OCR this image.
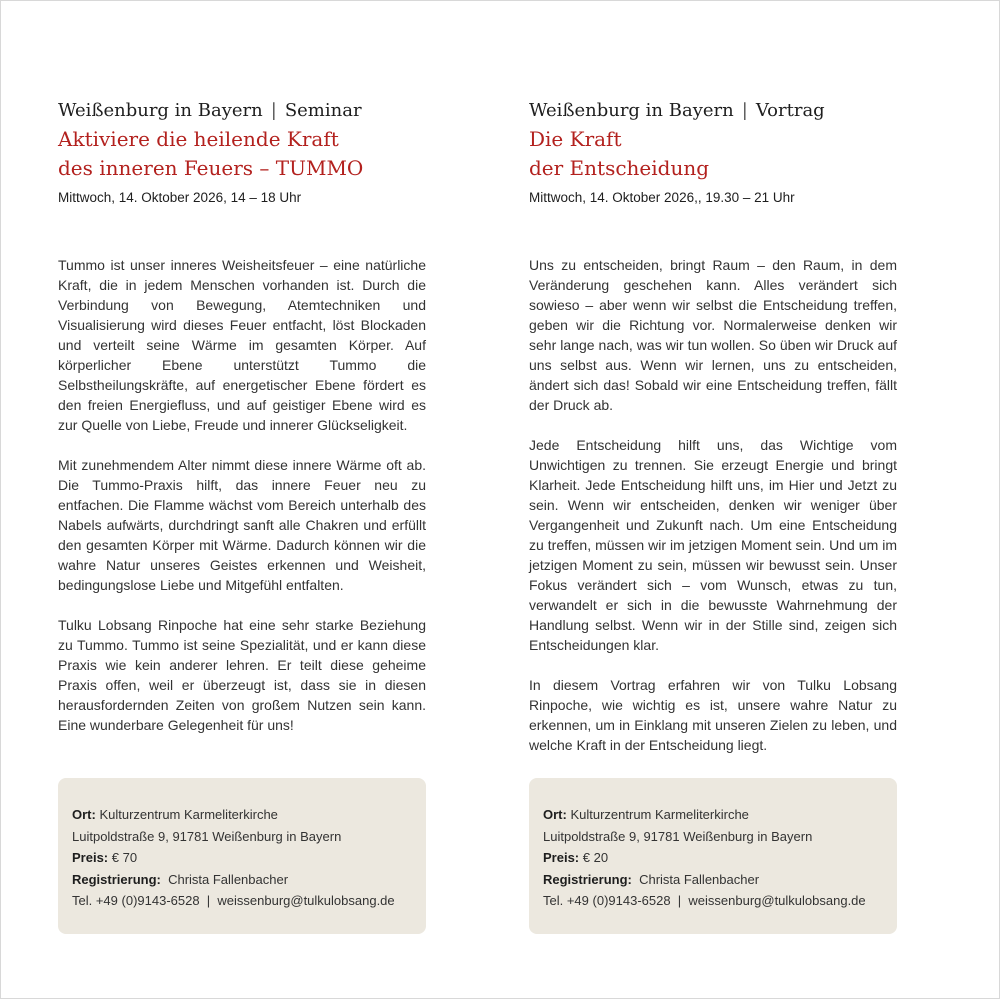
Weißenburg in Bayern | Seminar
Aktiviere die heilende Kraft
des inneren Feuers – TUMMO
Mittwoch, 14. Oktober 2026, 14 – 18 Uhr

Tummo ist unser inneres Weisheitsfeuer – eine natürliche Kraft, die in jedem Menschen vorhanden ist. Durch die Verbindung von Bewegung, Atemtechniken und Visualisierung wird dieses Feuer entfacht, löst Blockaden und verteilt seine Wärme im gesamten Körper. Auf körperlicher Ebene unterstützt Tummo die Selbstheilungskräfte, auf energetischer Ebene fördert es den freien Energiefluss, und auf geistiger Ebene wird es zur Quelle von Liebe, Freude und innerer Glückseligkeit.

Mit zunehmendem Alter nimmt diese innere Wärme oft ab. Die Tummo-Praxis hilft, das innere Feuer neu zu entfachen. Die Flamme wächst vom Bereich unterhalb des Nabels aufwärts, durchdringt sanft alle Chakren und erfüllt den gesamten Körper mit Wärme. Dadurch können wir die wahre Natur unseres Geistes erkennen und Weisheit, bedingungslose Liebe und Mitgefühl entfalten.

Tulku Lobsang Rinpoche hat eine sehr starke Beziehung zu Tummo. Tummo ist seine Spezialität, und er kann diese Praxis wie kein anderer lehren. Er teilt diese geheime Praxis offen, weil er überzeugt ist, dass sie in diesen herausfordernden Zeiten von großem Nutzen sein kann. Eine wunderbare Gelegenheit für uns!

Weißenburg in Bayern | Vortrag
Die Kraft
der Entscheidung
Mittwoch, 14. Oktober 2026,, 19.30 – 21 Uhr

Uns zu entscheiden, bringt Raum – den Raum, in dem Veränderung geschehen kann. Alles verändert sich sowieso – aber wenn wir selbst die Entscheidung treffen, geben wir die Richtung vor. Normalerweise denken wir sehr lange nach, was wir tun wollen. So üben wir Druck auf uns selbst aus. Wenn wir lernen, uns zu entscheiden, ändert sich das! Sobald wir eine Entscheidung treffen, fällt der Druck ab.

Jede Entscheidung hilft uns, das Wichtige vom Unwichtigen zu trennen. Sie erzeugt Energie und bringt Klarheit. Jede Entscheidung hilft uns, im Hier und Jetzt zu sein. Wenn wir entscheiden, denken wir weniger über Vergangenheit und Zukunft nach. Um eine Entscheidung zu treffen, müssen wir im jetzigen Moment sein. Und um im jetzigen Moment zu sein, müssen wir bewusst sein. Unser Fokus verändert sich – vom Wunsch, etwas zu tun, verwandelt er sich in die bewusste Wahrnehmung der Handlung selbst. Wenn wir in der Stille sind, zeigen sich Entscheidungen klar.

In diesem Vortrag erfahren wir von Tulku Lobsang Rinpoche, wie wichtig es ist, unsere wahre Natur zu erkennen, um in Einklang mit unseren Zielen zu leben, und welche Kraft in der Entscheidung liegt.

Ort: Kulturzentrum Karmeliterkirche
Luitpoldstraße 9, 91781 Weißenburg in Bayern
Preis: € 70
Registrierung: Christa Fallenbacher
Tel. +49 (0)9143-6528  |  weissenburg@tulkulobsang.de
Ort: Kulturzentrum Karmeliterkirche
Luitpoldstraße 9, 91781 Weißenburg in Bayern
Preis: € 20
Registrierung: Christa Fallenbacher
Tel. +49 (0)9143-6528  |  weissenburg@tulkulobsang.de
